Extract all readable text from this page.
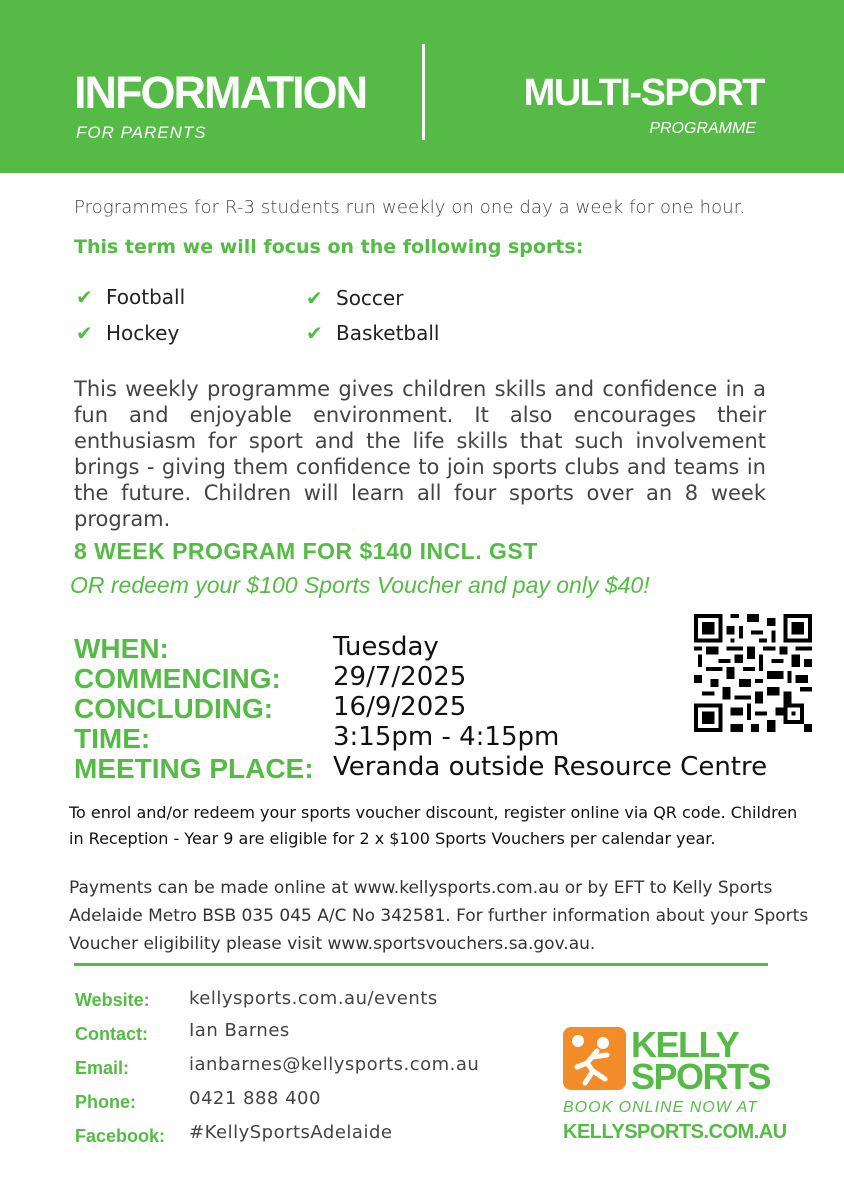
INFORMATION
FOR PARENTS
MULTI-SPORT
PROGRAMME
Programmes for R-3 students run weekly on one day a week for one hour.
This term we will focus on the following sports:
✔ Football	✔ Soccer
✔ Hockey	✔ Basketball
This weekly programme gives children skills and confidence in a fun and enjoyable environment. It also encourages their enthusiasm for sport and the life skills that such involvement brings - giving them confidence to join sports clubs and teams in the future. Children will learn all four sports over an 8 week program.
8 WEEK PROGRAM FOR $140 INCL. GST
OR redeem your $100 Sports Voucher and pay only $40!
WHEN:	Tuesday
COMMENCING: 29/7/2025
CONCLUDING: 16/9/2025
TIME:	3:15pm - 4:15pm
MEETING PLACE: Veranda outside Resource Centre
To enrol and/or redeem your sports voucher discount, register online via QR code. Children in Reception - Year 9 are eligible for 2 x $100 Sports Vouchers per calendar year.
Payments can be made online at www.kellysports.com.au or by EFT to Kelly Sports Adelaide Metro BSB 035 045 A/C No 342581. For further information about your Sports Voucher eligibility please visit www.sportsvouchers.sa.gov.au.
Website: kellysports.com.au/events
Contact: Ian Barnes
Email:	ianbarnes@kellysports.com.au
Phone:	0421 888 400
Facebook: #KellySportsAdelaide
KELLY
SPORTS
BOOK ONLINE NOW AT
KELLYSPORTS.COM.AU
